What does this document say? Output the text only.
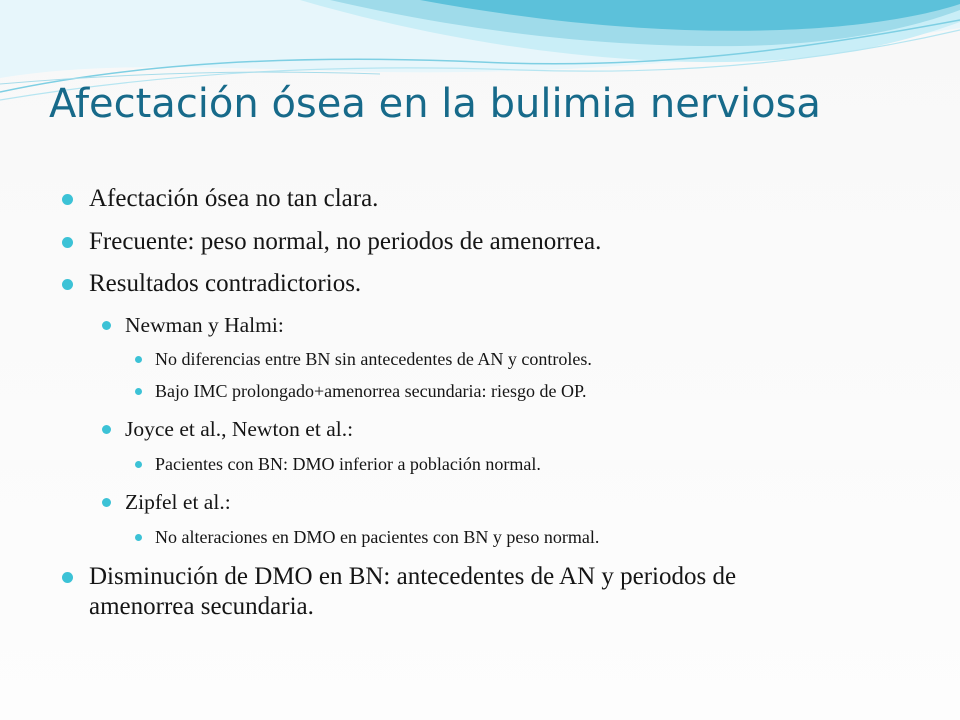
Afectación ósea en la bulimia nerviosa
Afectación ósea no tan clara.
Frecuente: peso normal, no periodos de amenorrea.
Resultados contradictorios.
Newman y Halmi:
No diferencias entre BN sin antecedentes de AN y controles.
Bajo IMC prolongado+amenorrea secundaria: riesgo de OP.
Joyce et al., Newton et al.:
Pacientes con BN: DMO inferior a población normal.
Zipfel et al.:
No alteraciones en DMO en pacientes con BN y peso normal.
Disminución de DMO en BN: antecedentes de AN y periodos de amenorrea secundaria.
